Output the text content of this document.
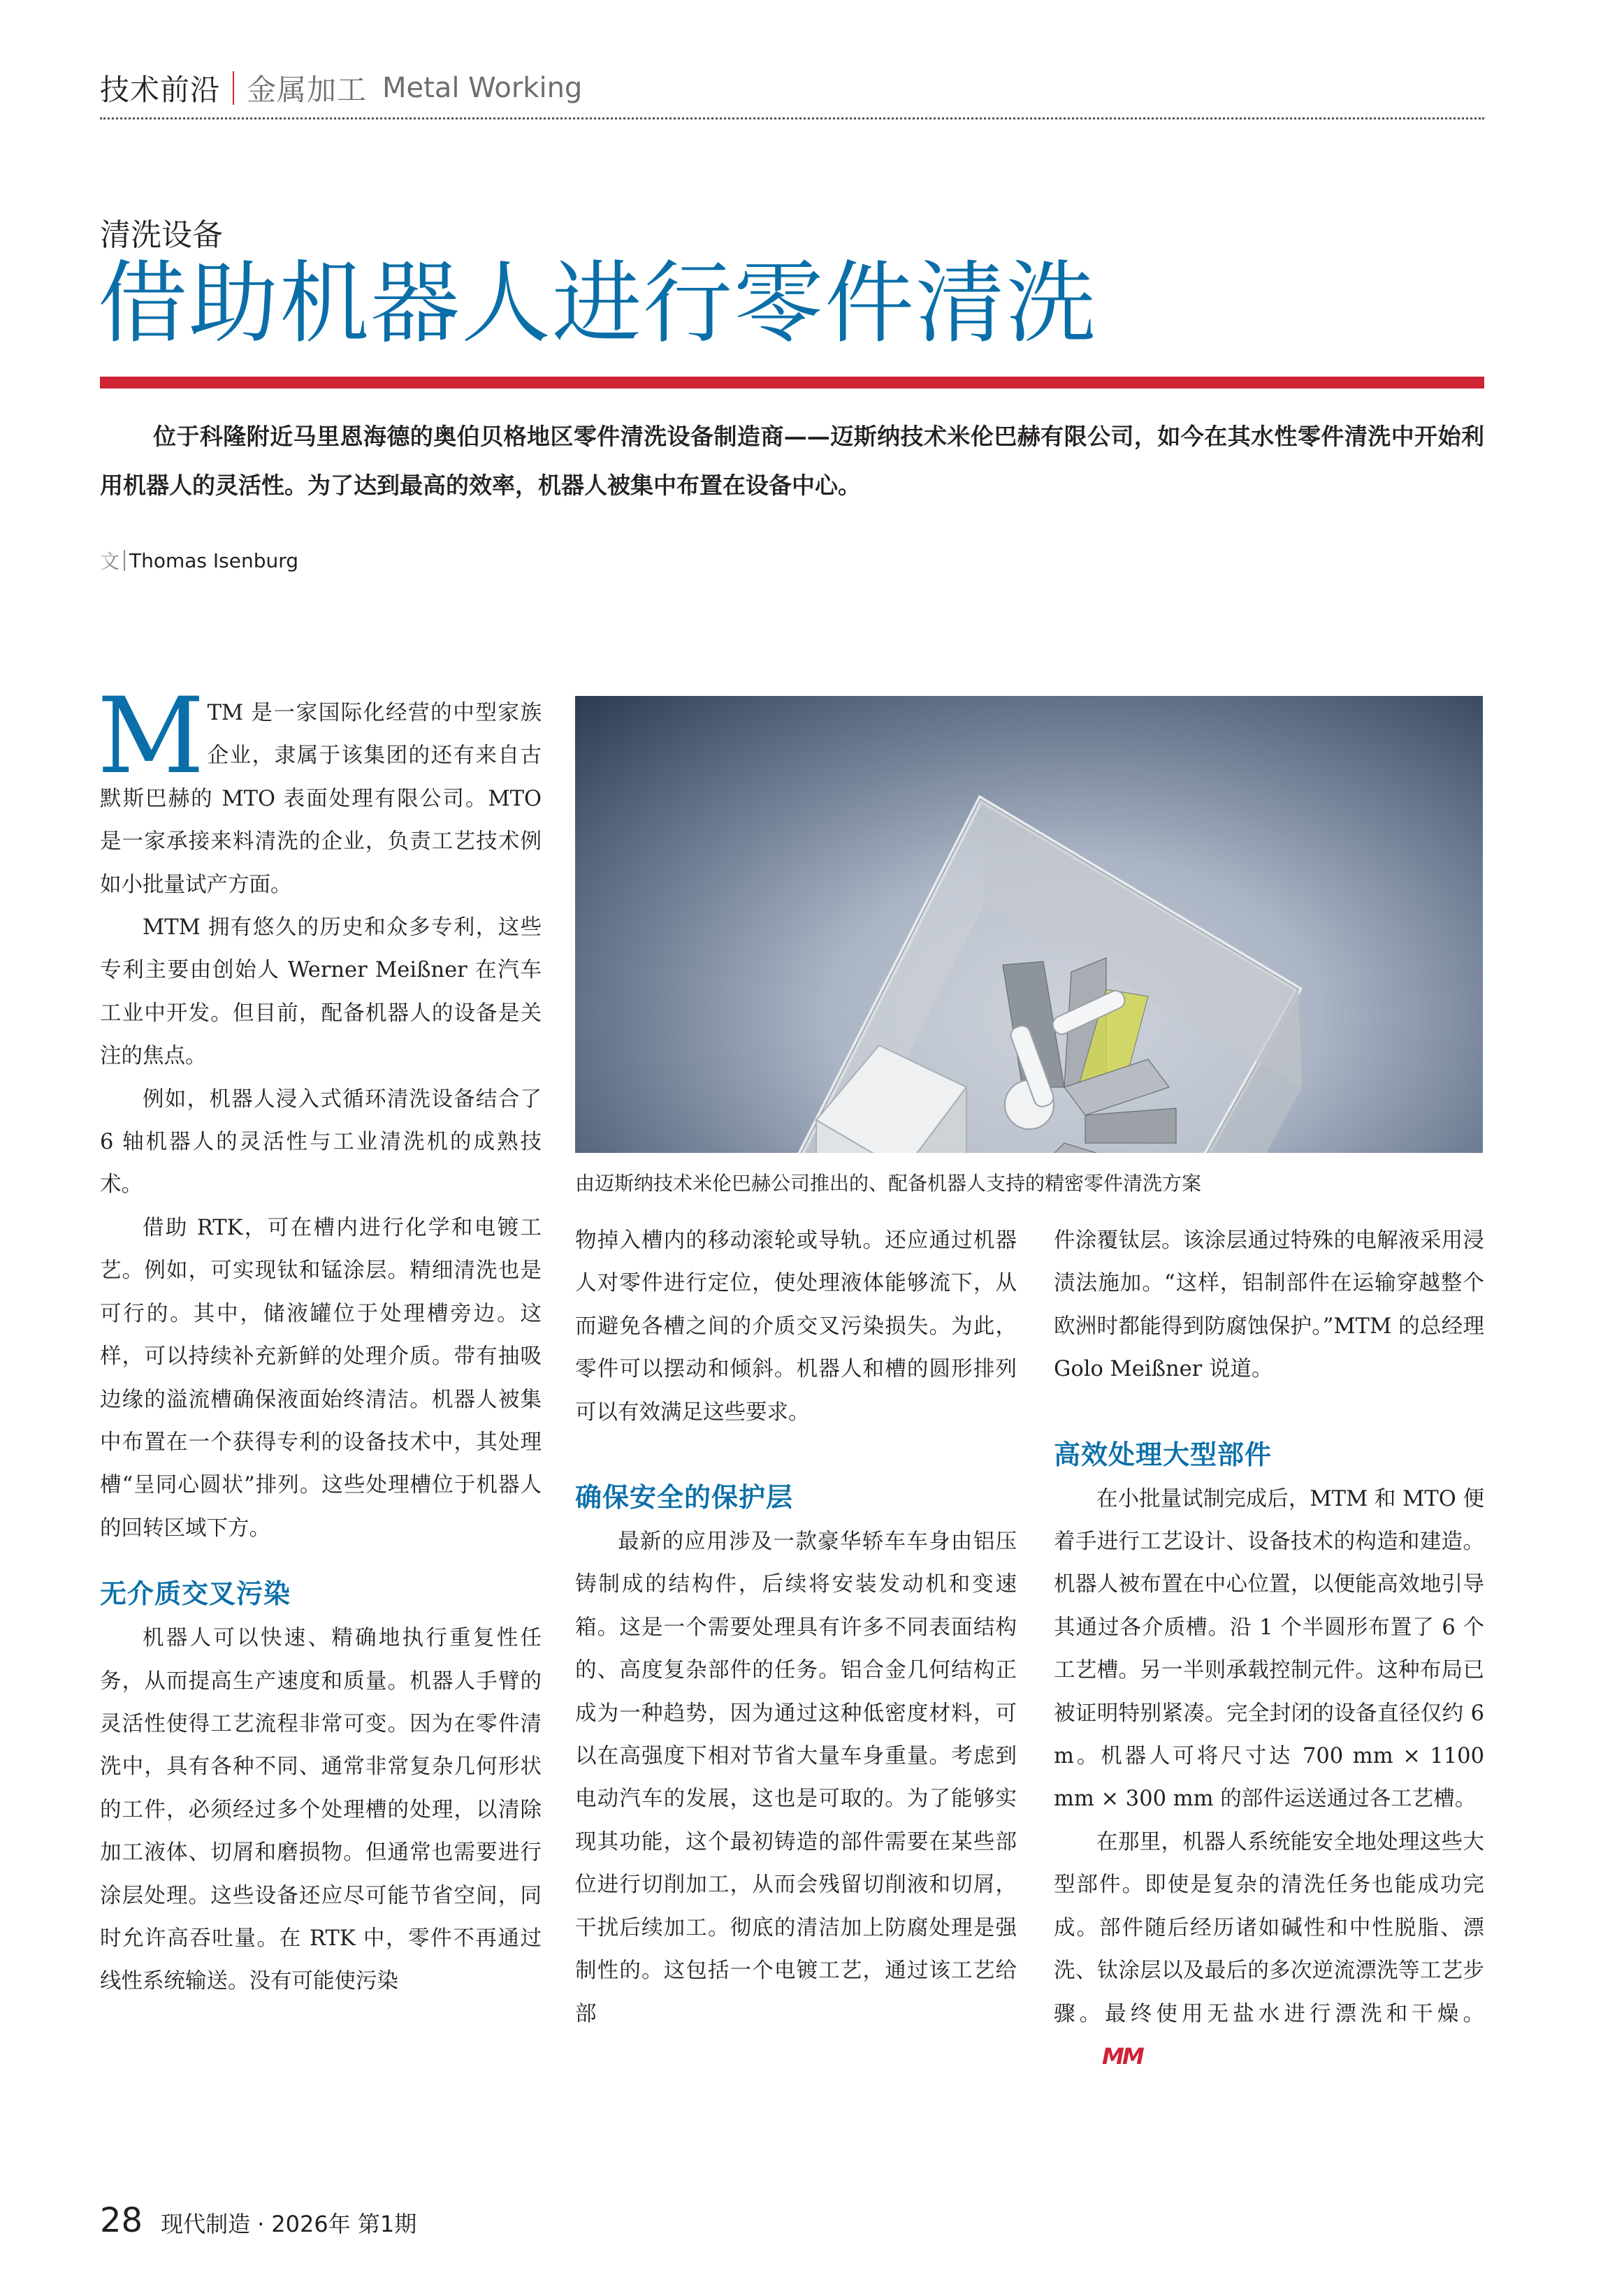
技术前沿 金属加工 Metal Working
清洗设备
借助机器人进行零件清洗
位于科隆附近马里恩海德的奥伯贝格地区零件清洗设备制造商——迈斯纳技术米伦巴赫有限公司，如今在其水性零件清洗中开始利用机器人的灵活性。为了达到最高的效率，机器人被集中布置在设备中心。
文 Thomas Isenburg

MTM 是一家国际化经营的中型家族企业，隶属于该集团的还有来自古默斯巴赫的 MTO 表面处理有限公司。MTO 是一家承接来料清洗的企业，负责工艺技术例如小批量试产方面。

MTM 拥有悠久的历史和众多专利，这些专利主要由创始人 Werner Meißner 在汽车工业中开发。但目前，配备机器人的设备是关注的焦点。

例如，机器人浸入式循环清洗设备结合了 6 轴机器人的灵活性与工业清洗机的成熟技术。

借助 RTK，可在槽内进行化学和电镀工艺。例如，可实现钛和锰涂层。精细清洗也是可行的。其中，储液罐位于处理槽旁边。这样，可以持续补充新鲜的处理介质。带有抽吸边缘的溢流槽确保液面始终清洁。机器人被集中布置在一个获得专利的设备技术中，其处理槽“呈同心圆状”排列。这些处理槽位于机器人的回转区域下方。

无介质交叉污染

机器人可以快速、精确地执行重复性任务，从而提高生产速度和质量。机器人手臂的灵活性使得工艺流程非常可变。因为在零件清洗中，具有各种不同、通常非常复杂几何形状的工件，必须经过多个处理槽的处理，以清除加工液体、切屑和磨损物。但通常也需要进行涂层处理。这些设备还应尽可能节省空间，同时允许高吞吐量。在 RTK 中，零件不再通过线性系统输送。没有可能使污染

由迈斯纳技术米伦巴赫公司推出的、配备机器人支持的精密零件清洗方案

物掉入槽内的移动滚轮或导轨。还应通过机器人对零件进行定位，使处理液体能够流下，从而避免各槽之间的介质交叉污染损失。为此，零件可以摆动和倾斜。机器人和槽的圆形排列可以有效满足这些要求。

确保安全的保护层

最新的应用涉及一款豪华轿车车身由铝压铸制成的结构件，后续将安装发动机和变速箱。这是一个需要处理具有许多不同表面结构的、高度复杂部件的任务。铝合金几何结构正成为一种趋势，因为通过这种低密度材料，可以在高强度下相对节省大量车身重量。考虑到电动汽车的发展，这也是可取的。为了能够实现其功能，这个最初铸造的部件需要在某些部位进行切削加工，从而会残留切削液和切屑，干扰后续加工。彻底的清洁加上防腐处理是强制性的。这包括一个电镀工艺，通过该工艺给部

件涂覆钛层。该涂层通过特殊的电解液采用浸渍法施加。“这样，铝制部件在运输穿越整个欧洲时都能得到防腐蚀保护。”MTM 的总经理 Golo Meißner 说道。

高效处理大型部件

在小批量试制完成后，MTM 和 MTO 便着手进行工艺设计、设备技术的构造和建造。机器人被布置在中心位置，以便能高效地引导其通过各介质槽。沿 1 个半圆形布置了 6 个工艺槽。另一半则承载控制元件。这种布局已被证明特别紧凑。完全封闭的设备直径仅约 6 m。机器人可将尺寸达 700 mm × 1100 mm × 300 mm 的部件运送通过各工艺槽。

在那里，机器人系统能安全地处理这些大型部件。即使是复杂的清洗任务也能成功完成。部件随后经历诸如碱性和中性脱脂、漂洗、钛涂层以及最后的多次逆流漂洗等工艺步骤。最终使用无盐水进行漂洗和干燥。MM

28 现代制造 · 2026年 第1期
